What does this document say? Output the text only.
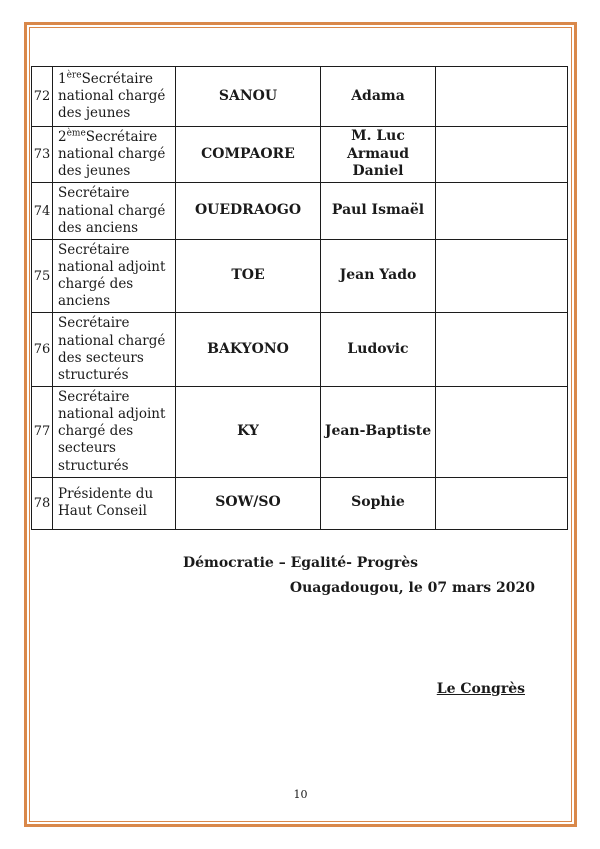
72	1èreSecrétaire national chargé des jeunes	SANOU	Adama	
73	2èmeSecrétaire national chargé des jeunes	COMPAORE	M. Luc Armaud Daniel	
74	Secrétaire national chargé des anciens	OUEDRAOGO	Paul Ismaël	
75	Secrétaire national adjoint chargé des anciens	TOE	Jean Yado	
76	Secrétaire national chargé des secteurs structurés	BAKYONO	Ludovic	
77	Secrétaire national adjoint chargé des secteurs structurés	KY	Jean-Baptiste	
78	Présidente du Haut Conseil	SOW/SO	Sophie	
Démocratie – Egalité- Progrès
Ouagadougou, le 07 mars 2020
Le Congrès
10
